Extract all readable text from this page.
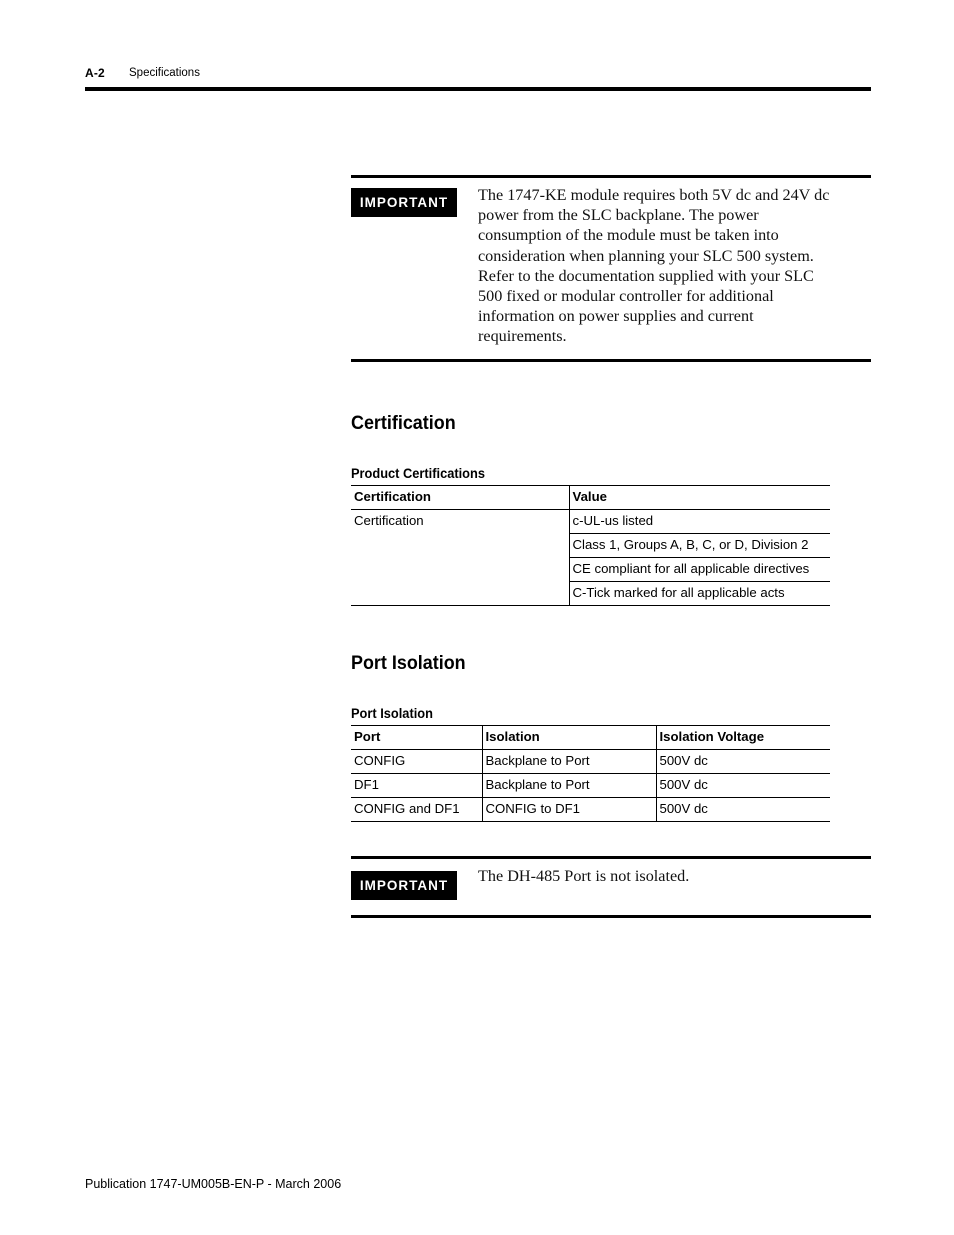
A-2 Specifications
IMPORTANT	The 1747-KE module requires both 5V dc and 24V dc
power from the SLC backplane. The power
consumption of the module must be taken into
consideration when planning your SLC 500 system.
Refer to the documentation supplied with your SLC
500 fixed or modular controller for additional
information on power supplies and current
requirements.
Certification
Product Certifications
Certification	Value
Certification	c-UL-us listed
	Class 1, Groups A, B, C, or D, Division 2
	CE compliant for all applicable directives
	C-Tick marked for all applicable acts
Port Isolation
Port Isolation
Port	Isolation	Isolation Voltage
CONFIG	Backplane to Port	500V dc
DF1	Backplane to Port	500V dc
CONFIG and DF1	CONFIG to DF1	500V dc
IMPORTANT
The DH-485 Port is not isolated.
Publication 1747-UM005B-EN-P - March 2006
